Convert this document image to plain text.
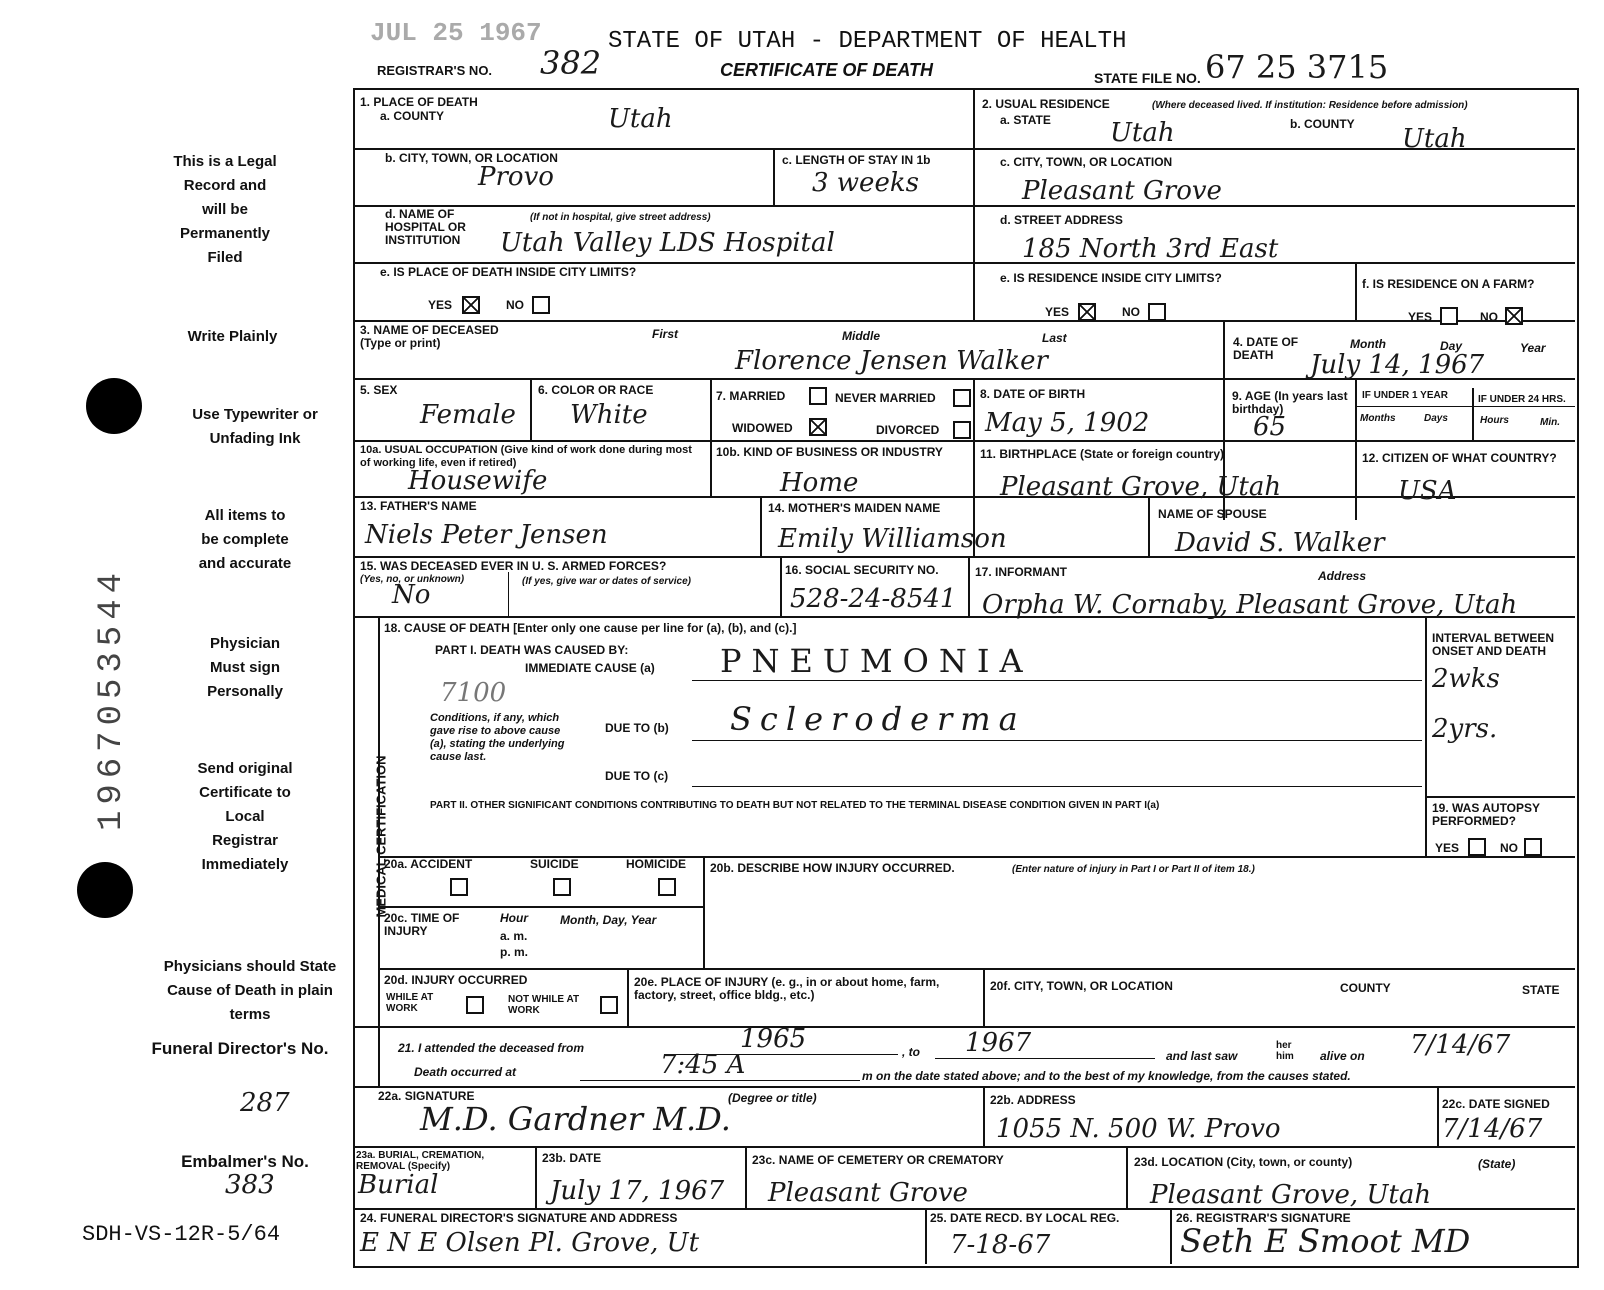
JUL 25 1967	STATE OF UTAH - DEPARTMENT OF HEALTH
REGISTRAR'S NO. 382	CERTIFICATE OF DEATH	STATE FILE NO. 67 25 3715
This is a Legal Record and will be Permanently Filed
Write Plainly
Use Typewriter or Unfading Ink
All items to be complete and accurate
Physician Must sign Personally
Send original Certificate to Local Registrar Immediately
Physicians should State Cause of Death in plain terms
Funeral Director's No.
287
Embalmer's No.
383
SDH-VS-12R-5/64
1967053544
1. PLACE OF DEATH
a. COUNTY	Utah	2. USUAL RESIDENCE	(Where deceased lived. If institution: Residence before admission)
a. STATE	b. COUNTY
Utah	Utah
b. CITY, TOWN, OR LOCATION
Provo
c. LENGTH OF STAY IN 1b
3 weeks
c. CITY, TOWN, OR LOCATION
Pleasant Grove
d. NAME OF HOSPITAL OR INSTITUTION
(If not in hospital, give street address)
Utah Valley LDS Hospital
d. STREET ADDRESS
185 North 3rd East
e. IS PLACE OF DEATH INSIDE CITY LIMITS?
YES	NO
e. IS RESIDENCE INSIDE CITY LIMITS?
YES	NO
f. IS RESIDENCE ON A FARM?
YES	NO
3. NAME OF DECEASED (Type or print)
First	Middle	Last
Florence Jensen Walker
4. DATE OF DEATH
Month	Day	Year
July 14, 1967
5. SEX
Female
6. COLOR OR RACE
White
7. MARRIED	NEVER MARRIED
WIDOWED	DIVORCED
8. DATE OF BIRTH
May 5, 1902
9. AGE (In years last birthday)
65
IF UNDER 1 YEAR	IF UNDER 24 HRS.
Months	Days	Hours	Min.
10a. USUAL OCCUPATION (Give kind of work done during most of working life, even if retired)
Housewife
10b. KIND OF BUSINESS OR INDUSTRY
Home
11. BIRTHPLACE (State or foreign country)
Pleasant Grove, Utah
12. CITIZEN OF WHAT COUNTRY?
USA
13. FATHER'S NAME
Niels Peter Jensen
14. MOTHER'S MAIDEN NAME
Emily Williamson
NAME OF SPOUSE
David S. Walker
15. WAS DECEASED EVER IN U. S. ARMED FORCES?
(Yes, no, or unknown)	(If yes, give war or dates of service)
No
16. SOCIAL SECURITY NO.
528-24-8541
17. INFORMANT	Address
Orpha W. Cornaby, Pleasant Grove, Utah
MEDICAL CERTIFICATION
18. CAUSE OF DEATH [Enter only one cause per line for (a), (b), and (c).]
PART I. DEATH WAS CAUSED BY:
IMMEDIATE CAUSE (a) PNEUMONIA
7100
Conditions, if any, which gave rise to above cause (a), stating the underlying cause last.
DUE TO (b) Scleroderma
DUE TO (c)
INTERVAL BETWEEN ONSET AND DEATH
2wks
2yrs.
PART II. OTHER SIGNIFICANT CONDITIONS CONTRIBUTING TO DEATH BUT NOT RELATED TO THE TERMINAL DISEASE CONDITION GIVEN IN PART I(a)	19. WAS AUTOPSY PERFORMED?
YES	NO
20a. ACCIDENT	SUICIDE	HOMICIDE 20b. DESCRIBE HOW INJURY OCCURRED.	(Enter nature of injury in Part I or Part II of item 18.)
20c. TIME OF INJURY
Hour	Month, Day, Year
a. m.
p. m.
20d. INJURY OCCURRED
WHILE AT WORK
NOT WHILE AT WORK
20e. PLACE OF INJURY (e. g., in or about home, farm, factory, street, office bldg., etc.)
20f. CITY, TOWN, OR LOCATION	COUNTY	STATE
21. I attended the deceased from	1965	, to 1967	and last saw
her him	alive on 7/14/67
Death occurred at	7:45 A	m on the date stated above; and to the best of my knowledge, from the causes stated.
22a. SIGNATURE	(Degree or title)
M.D. Gardner M.D.	22b. ADDRESS
1055 N. 500 W. Provo
22c. DATE SIGNED
7/14/67
23a. BURIAL, CREMATION, REMOVAL (Specify)
Burial
23b. DATE
July 17, 1967
23c. NAME OF CEMETERY OR CREMATORY
Pleasant Grove
23d. LOCATION (City, town, or county)	(State)
Pleasant Grove, Utah
24. FUNERAL DIRECTOR'S SIGNATURE AND ADDRESS
E N E Olsen Pl. Grove, Ut
25. DATE RECD. BY LOCAL REG.
7-18-67
26. REGISTRAR'S SIGNATURE
Seth E Smoot MD
